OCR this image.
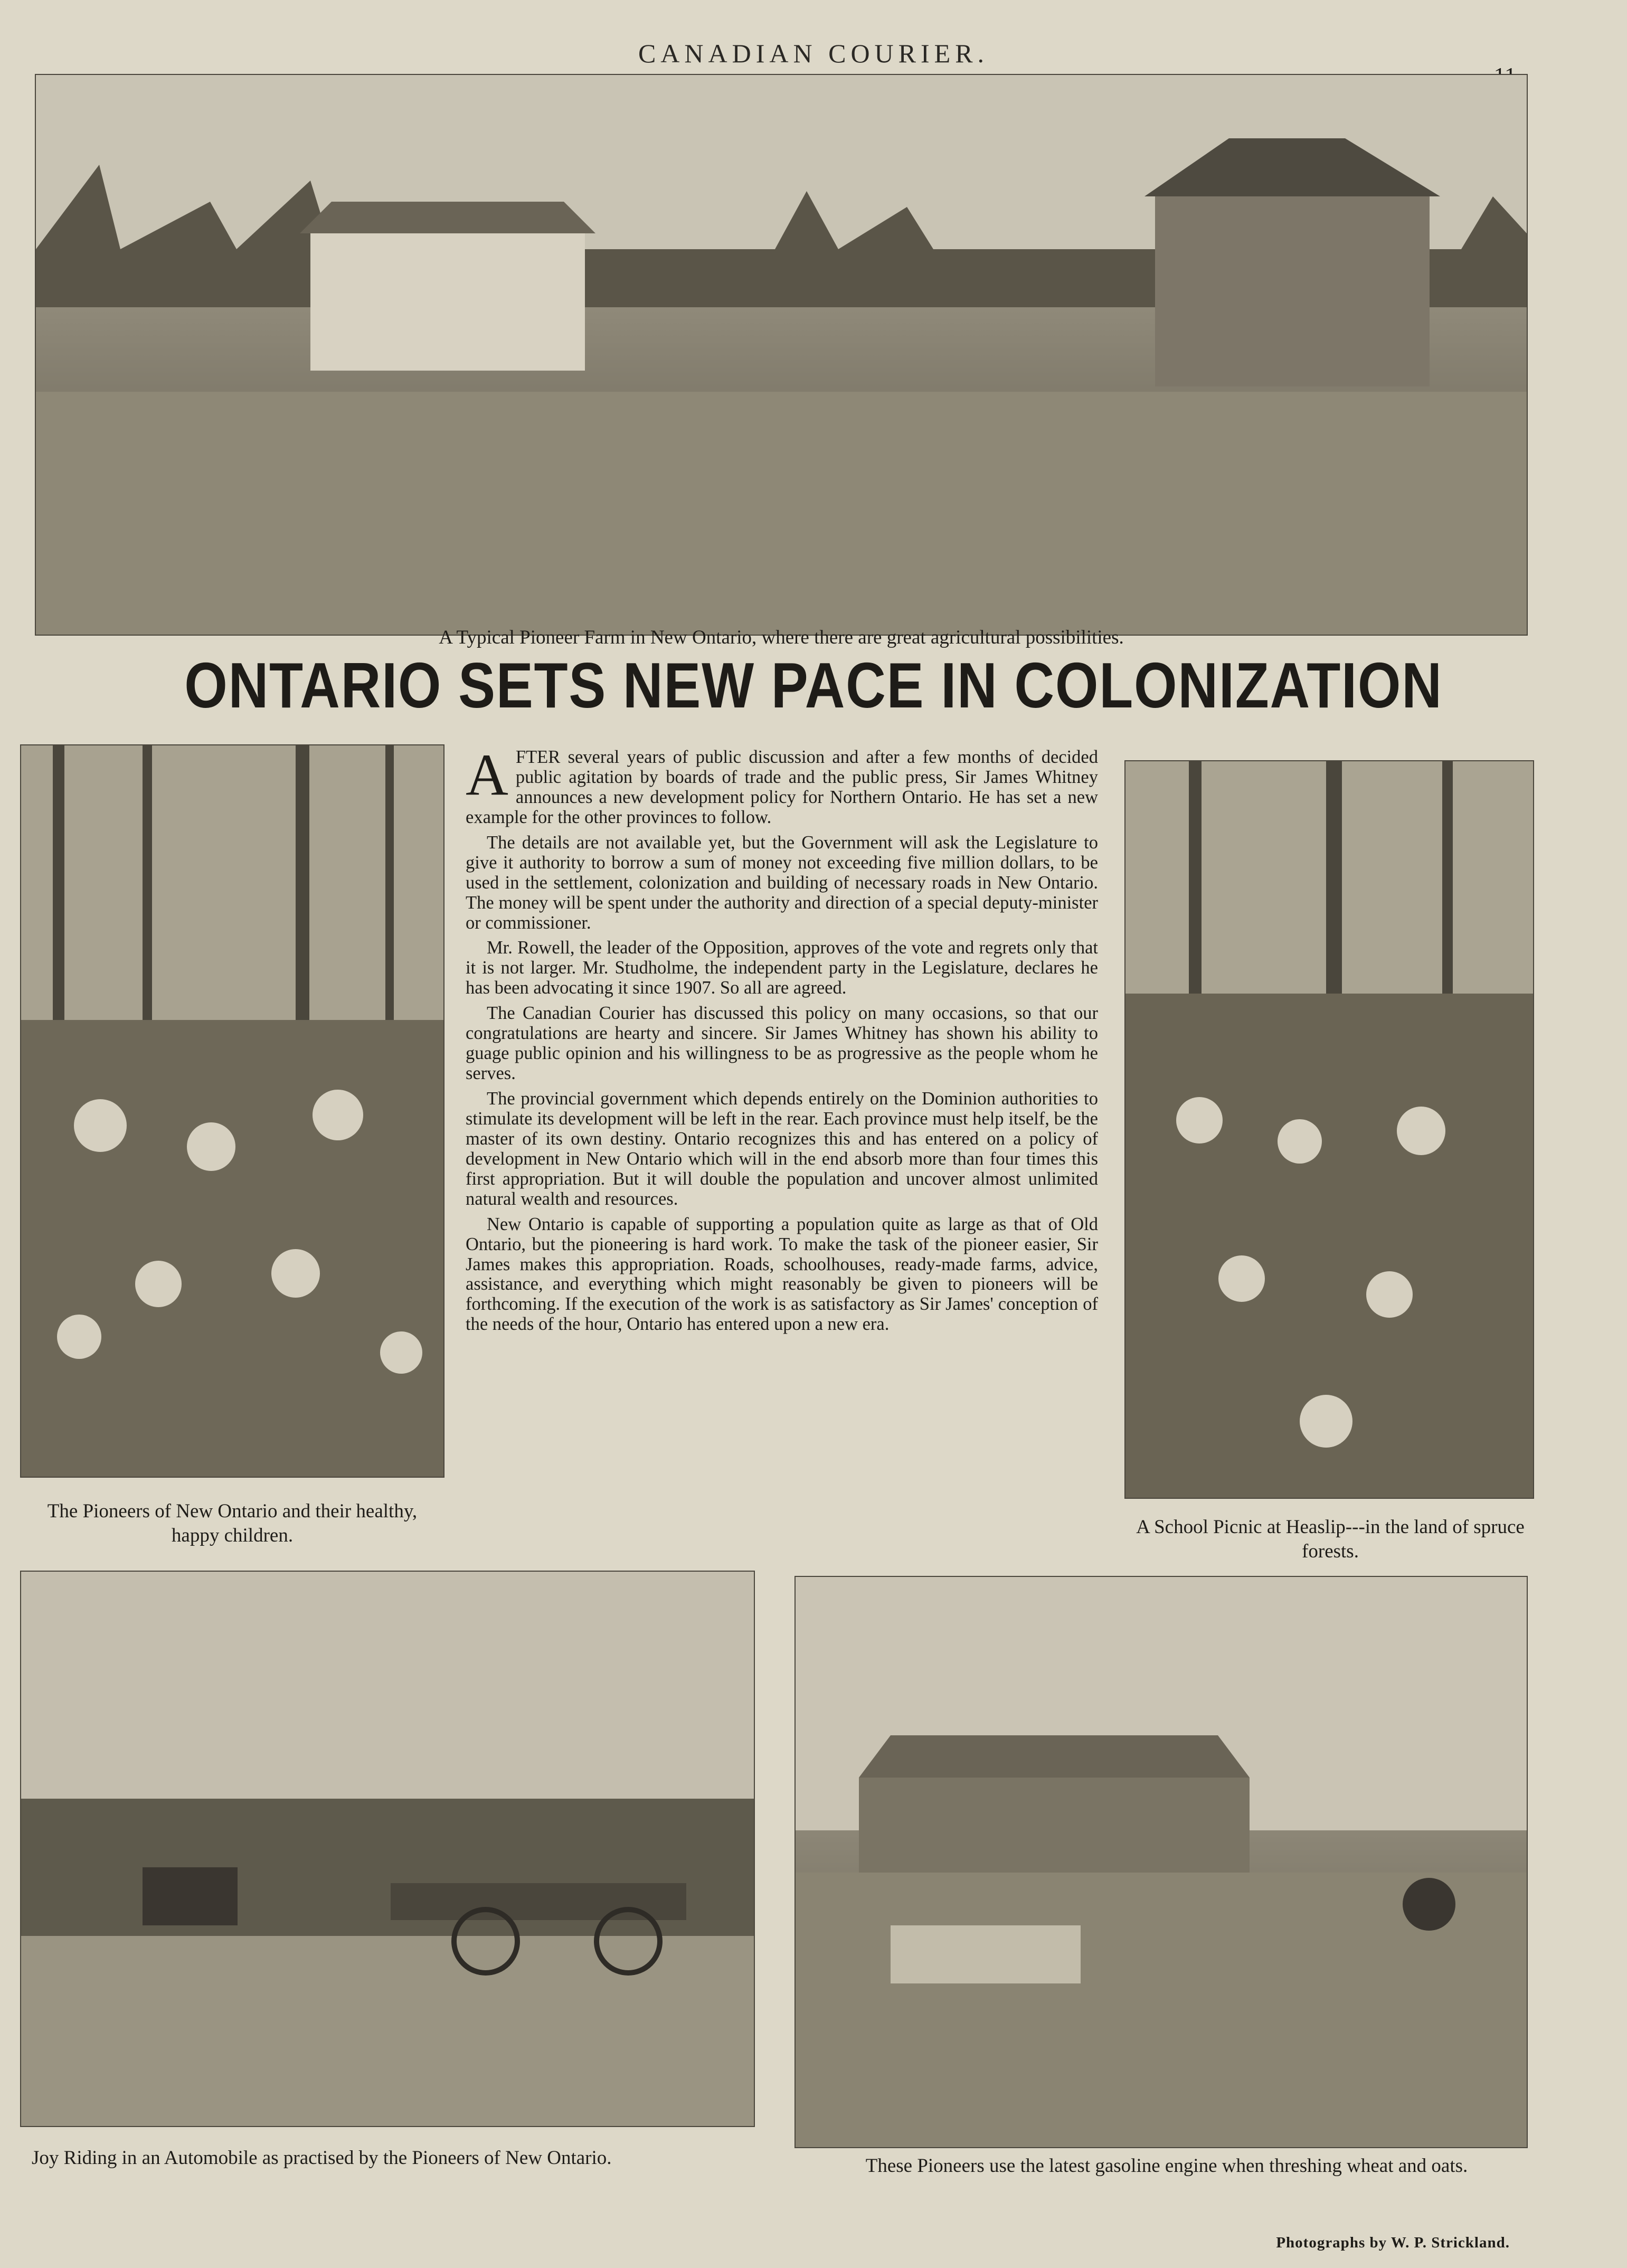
CANADIAN COURIER.
A Typical Pioneer Farm in New Ontario, where there are great agricultural possibilities.
ONTARIO SETS NEW PACE IN COLONIZATION
The Pioneers of New Ontario and their healthy, happy children.

AFTER several years of public discussion and after a few months of decided public agitation by boards of trade and the public press, Sir James Whitney announces a new development policy for Northern Ontario. He has set a new example for the other provinces to follow.

The details are not available yet, but the Government will ask the Legislature to give it authority to borrow a sum of money not exceeding five million dollars, to be used in the settlement, colonization and building of necessary roads in New Ontario. The money will be spent under the authority and direction of a special deputy-minister or commissioner.

Mr. Rowell, the leader of the Opposition, approves of the vote and regrets only that it is not larger. Mr. Studholme, the independent party in the Legislature, declares he has been advocating it since 1907. So all are agreed.

The Canadian Courier has discussed this policy on many occasions, so that our congratulations are hearty and sincere. Sir James Whitney has shown his ability to guage public opinion and his willingness to be as progressive as the people whom he serves.

The provincial government which depends entirely on the Dominion authorities to stimulate its development will be left in the rear. Each province must help itself, be the master of its own destiny. Ontario recognizes this and has entered on a policy of development in New Ontario which will in the end absorb more than four times this first appropriation. But it will double the population and uncover almost unlimited natural wealth and resources.

New Ontario is capable of supporting a population quite as large as that of Old Ontario, but the pioneering is hard work. To make the task of the pioneer easier, Sir James makes this appropriation. Roads, schoolhouses, ready-made farms, advice, assistance, and everything which might reasonably be given to pioneers will be forthcoming. If the execution of the work is as satisfactory as Sir James' conception of the needs of the hour, Ontario has entered upon a new era.

A School Picnic at Heaslip---in the land of spruce forests.
Joy Riding in an Automobile as practised by the Pioneers of New Ontario.	These Pioneers use the latest gasoline engine when threshing wheat and oats.
Photographs by W. P. Strickland.
